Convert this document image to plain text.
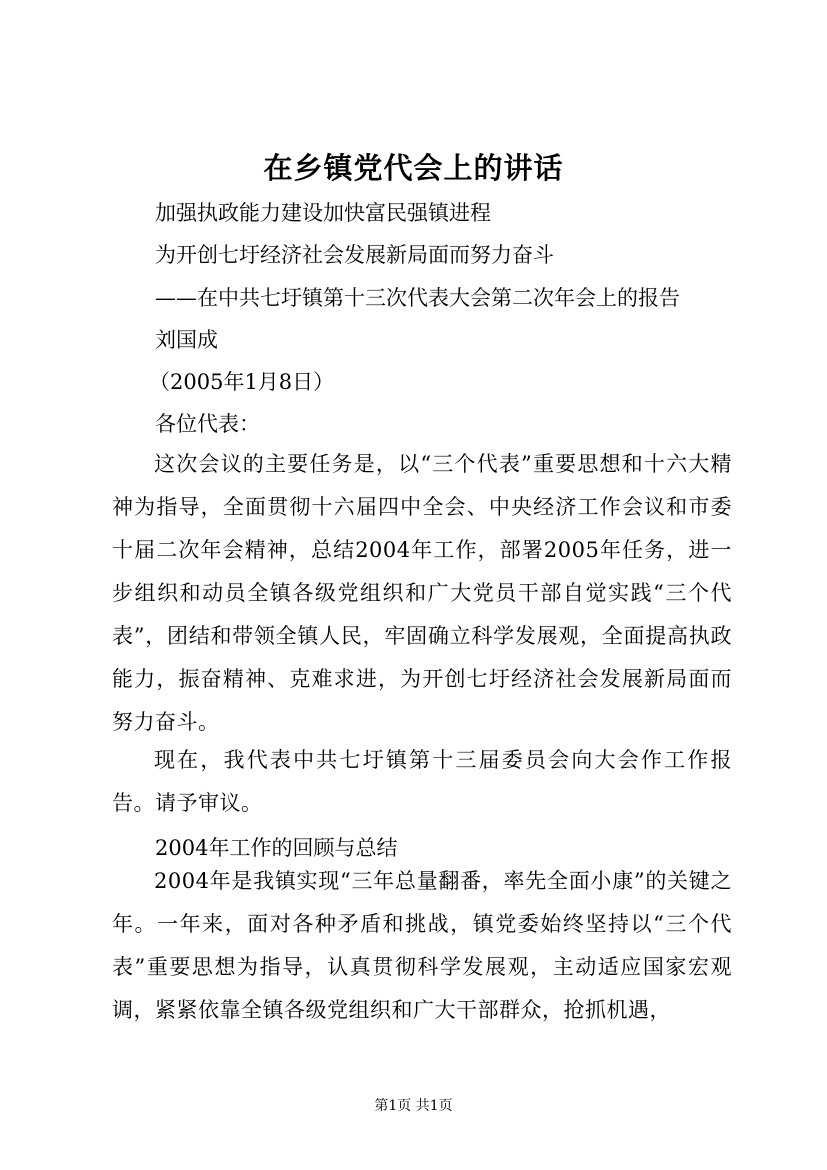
在乡镇党代会上的讲话
加强执政能力建设加快富民强镇进程
为开创七圩经济社会发展新局面而努力奋斗
——在中共七圩镇第十三次代表大会第二次年会上的报告
刘国成
（2005年1月8日）
各位代表：
这次会议的主要任务是，以“三个代表”重要思想和十六大精神为指导，全面贯彻十六届四中全会、中央经济工作会议和市委十届二次年会精神，总结2004年工作，部署2005年任务，进一步组织和动员全镇各级党组织和广大党员干部自觉实践“三个代表”，团结和带领全镇人民，牢固确立科学发展观，全面提高执政能力，振奋精神、克难求进，为开创七圩经济社会发展新局面而努力奋斗。
现在，我代表中共七圩镇第十三届委员会向大会作工作报告。请予审议。
2004年工作的回顾与总结
2004年是我镇实现“三年总量翻番，率先全面小康”的关键之年。一年来，面对各种矛盾和挑战，镇党委始终坚持以“三个代表”重要思想为指导，认真贯彻科学发展观，主动适应国家宏观调，紧紧依靠全镇各级党组织和广大干部群众，抢抓机遇，
第1页 共1页
